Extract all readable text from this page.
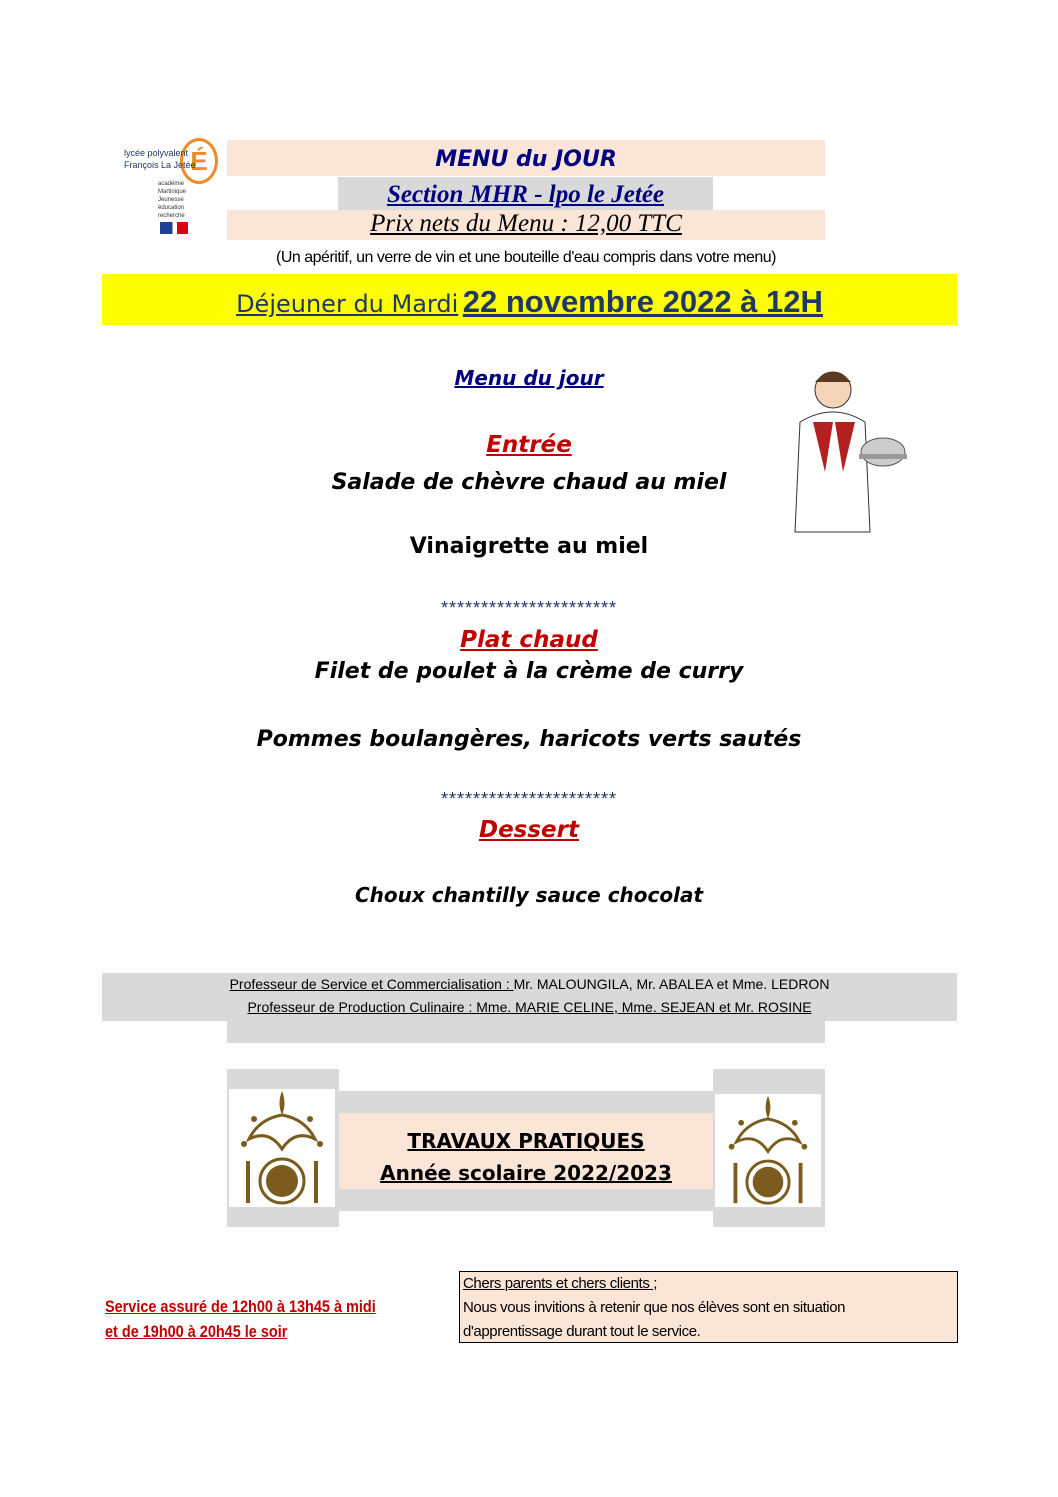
É
lycée polyvalent
François La Jetée
académie
Martinique
Jeunesse
éducation
recherche
MENU du JOUR
Section MHR - lpo le Jetée
Prix nets du Menu : 12,00 TTC
(Un apéritif, un verre de vin et une bouteille d'eau compris dans votre menu)
Déjeuner du Mardi 22 novembre 2022 à 12H
Menu du jour
Entrée
Salade de chèvre chaud au miel
Vinaigrette au miel
**********************
Plat chaud
Filet de poulet à la crème de curry
Pommes boulangères, haricots verts sautés
**********************
Dessert
Choux chantilly sauce chocolat
Professeur de Service et Commercialisation : Mr. MALOUNGILA, Mr. ABALEA et Mme. LEDRON
Professeur de Production Culinaire : Mme. MARIE CELINE, Mme. SEJEAN et Mr. ROSINE
TRAVAUX PRATIQUES
Année scolaire 2022/2023
Service assuré de 12h00 à 13h45 à midi
et de 19h00 à 20h45 le soir
Chers parents et chers clients ;
Nous vous invitions à retenir que nos élèves sont en situation
d'apprentissage durant tout le service.
